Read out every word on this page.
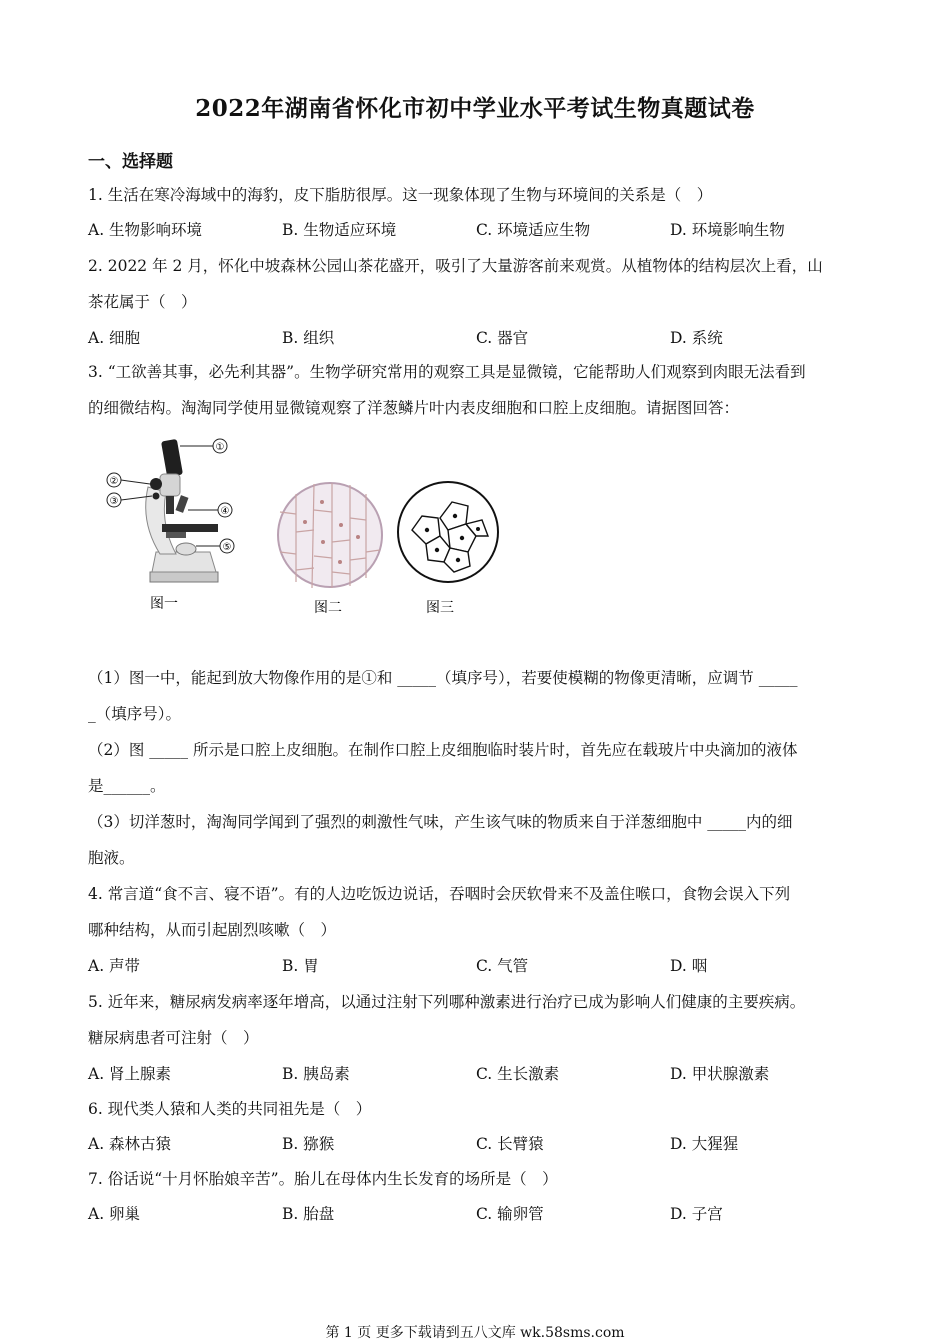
2022年湖南省怀化市初中学业水平考试生物真题试卷
一、选择题
1. 生活在寒冷海域中的海豹，皮下脂肪很厚。这一现象体现了生物与环境间的关系是（　）
A. 生物影响环境	B. 生物适应环境	C. 环境适应生物	D. 环境影响生物
2. 2022 年 2 月，怀化中坡森林公园山茶花盛开，吸引了大量游客前来观赏。从植物体的结构层次上看，山
茶花属于（　）
A. 细胞	B. 组织	C. 器官	D. 系统
3. “工欲善其事，必先利其器”。生物学研究常用的观察工具是显微镜，它能帮助人们观察到肉眼无法看到
的细微结构。淘淘同学使用显微镜观察了洋葱鳞片叶内表皮细胞和口腔上皮细胞。请据图回答：
①
②
③
④
⑤
图一	图二	图三
（1）图一中，能起到放大物像作用的是①和 _____（填序号），若要使模糊的物像更清晰，应调节 _____
_（填序号）。
（2）图 _____ 所示是口腔上皮细胞。在制作口腔上皮细胞临时装片时，首先应在载玻片中央滴加的液体
是______。
（3）切洋葱时，淘淘同学闻到了强烈的刺激性气味，产生该气味的物质来自于洋葱细胞中 _____内的细
胞液。
4. 常言道“食不言、寝不语”。有的人边吃饭边说话，吞咽时会厌软骨来不及盖住喉口，食物会误入下列
哪种结构，从而引起剧烈咳嗽（　）
A. 声带	B. 胃	C. 气管	D. 咽
5. 近年来，糖尿病发病率逐年增高，以通过注射下列哪种激素进行治疗已成为影响人们健康的主要疾病。
糖尿病患者可注射（　）
A. 肾上腺素	B. 胰岛素	C. 生长激素	D. 甲状腺激素
6. 现代类人猿和人类的共同祖先是（　）
A. 森林古猿	B. 猕猴	C. 长臂猿	D. 大猩猩
7. 俗话说“十月怀胎娘辛苦”。胎儿在母体内生长发育的场所是（　）
A. 卵巢	B. 胎盘	C. 输卵管	D. 子宫
第 1 页 更多下载请到五八文库 wk.58sms.com
